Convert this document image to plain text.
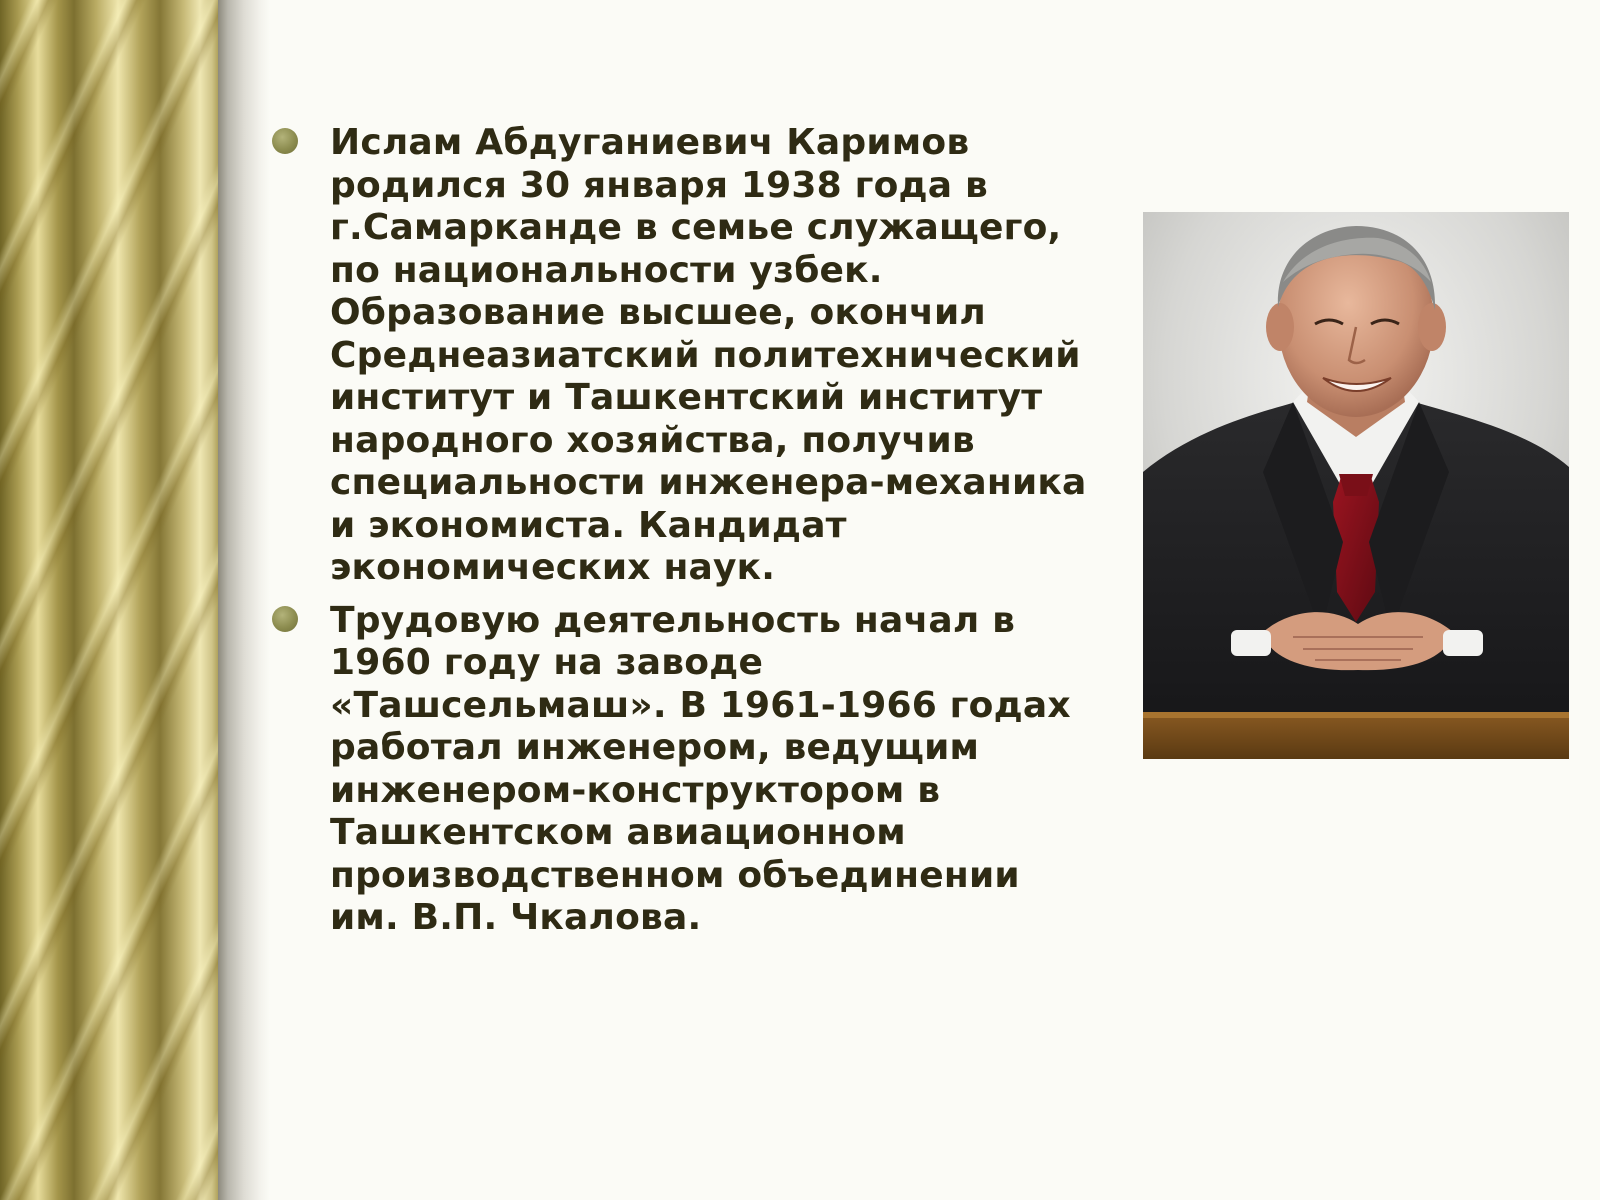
Ислам Абдуганиевич Каримов
родился 30 января 1938 года в
г.Самарканде в семье служащего,
по национальности узбек.
Образование высшее, окончил
Среднеазиатский политехнический
институт и Ташкентский институт
народного хозяйства, получив
специальности инженера-механика
и экономиста. Кандидат
экономических наук.
Трудовую деятельность начал в
1960 году на заводе
«Ташсельмаш». В 1961-1966 годах
работал инженером, ведущим
инженером-конструктором в
Ташкентском авиационном
производственном объединении
им. В.П. Чкалова.
